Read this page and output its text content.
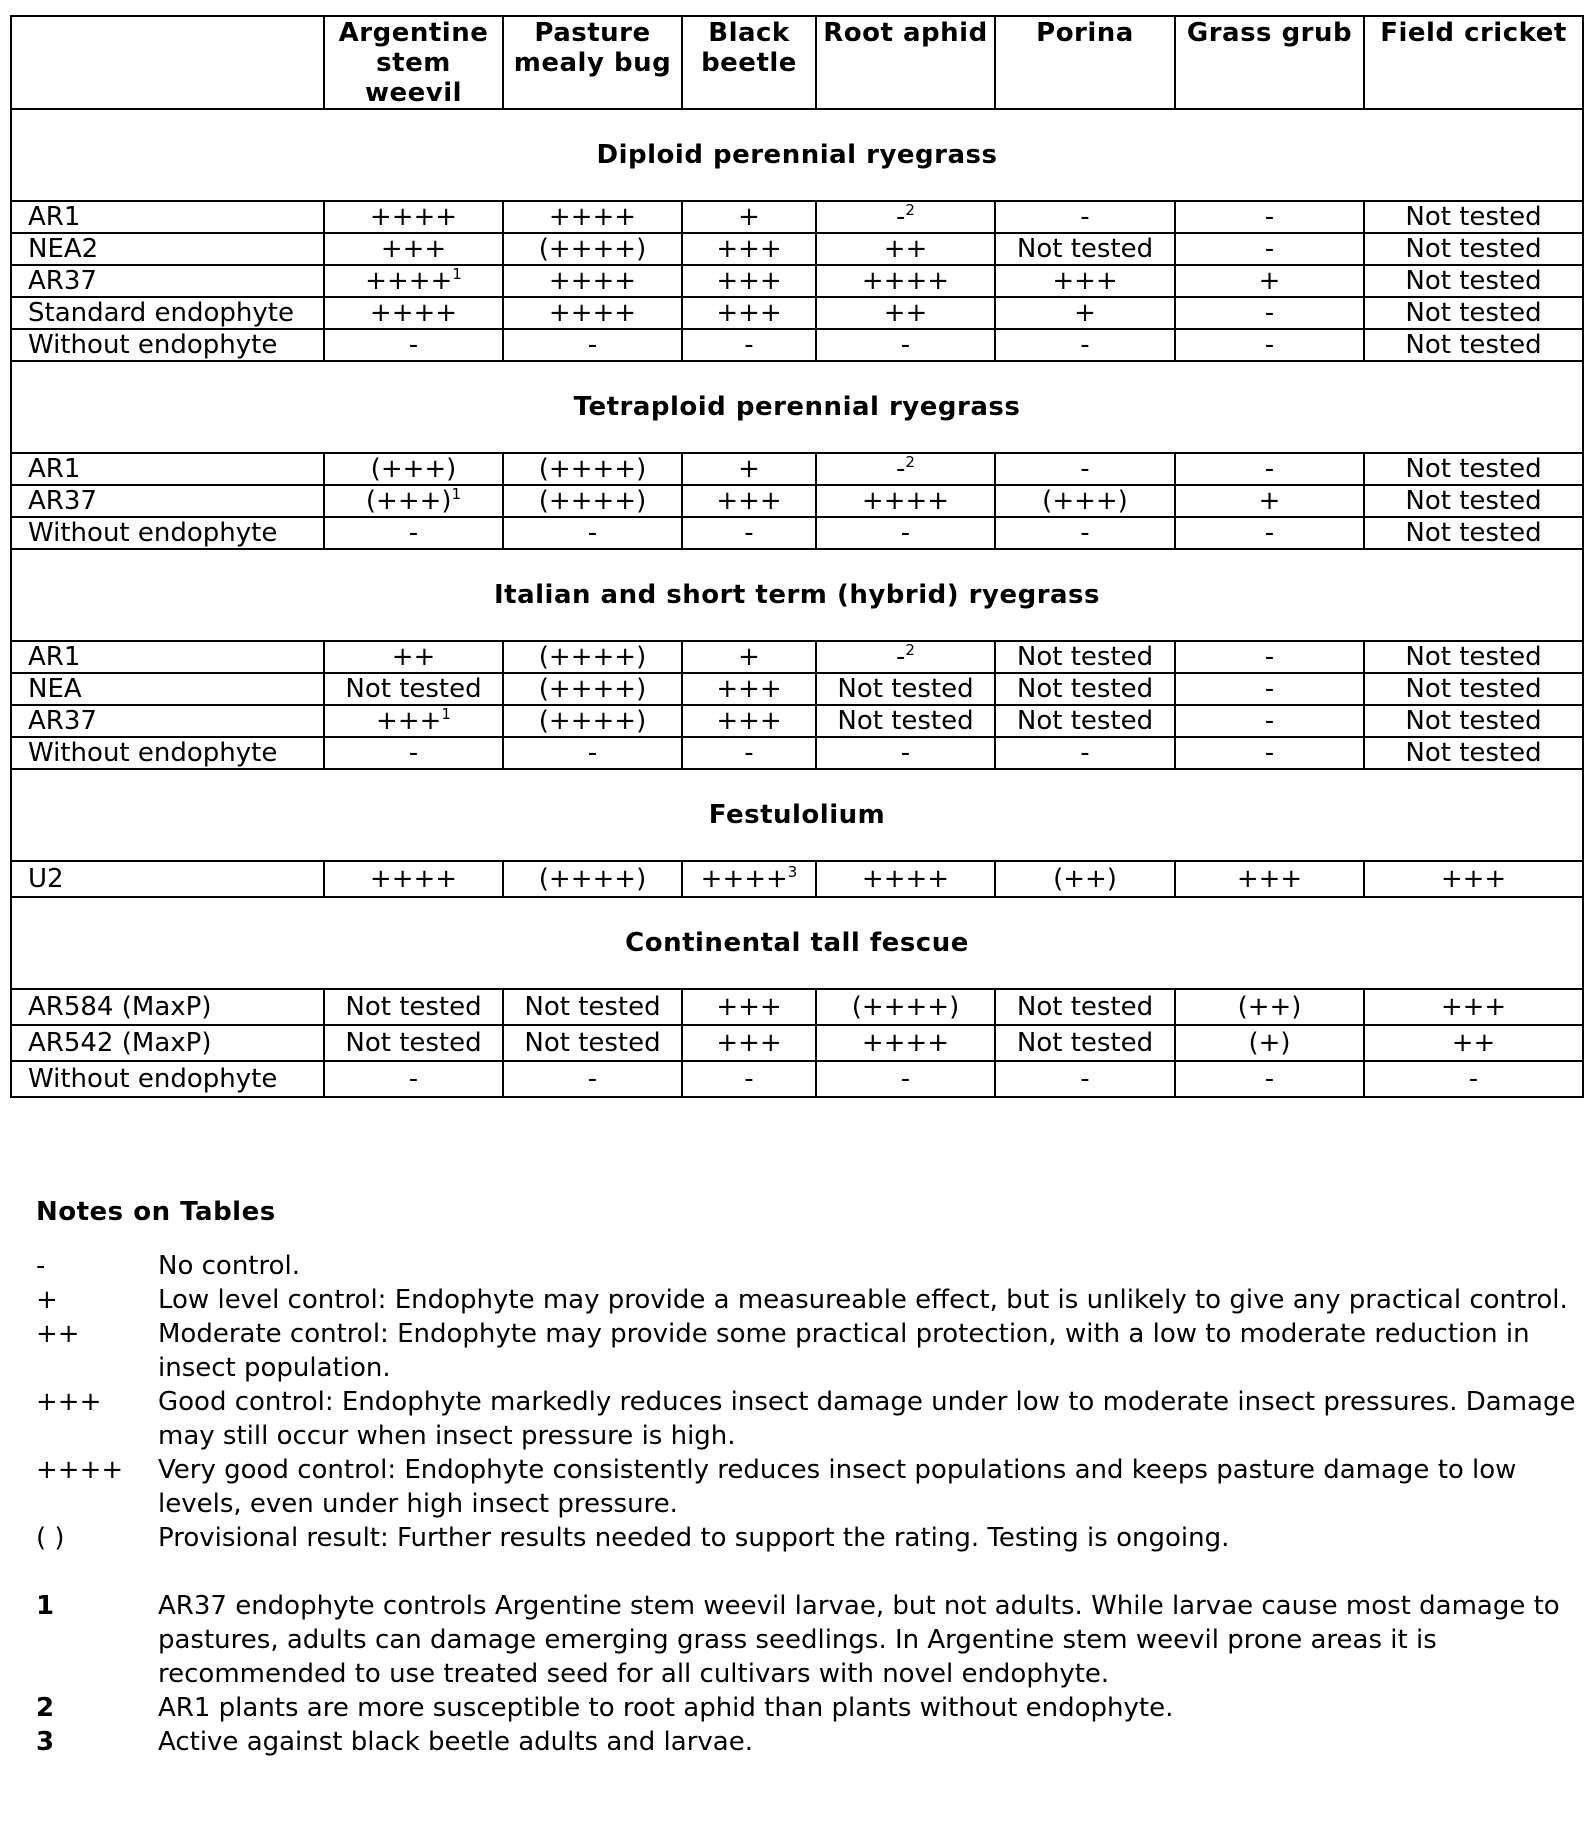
	Argentine stem weevil	Pasture mealy bug	Black beetle	Root aphid	Porina	Grass grub	Field cricket
Diploid perennial ryegrass							
AR1	++++	++++	+	-$^2$	-	-	Not tested
NEA2	+++	(++++)	+++	++	Not tested	-	Not tested
AR37	++++$^1$	++++	+++	++++	+++	+	Not tested
Standard endophyte	++++	++++	+++	++	+	-	Not tested
Without endophyte	-	-	-	-	-	-	Not tested
Tetraploid perennial ryegrass							
AR1	(+++)	(++++)	+	-$^2$	-	-	Not tested
AR37	$(+++)^1$	(++++)	+++	++++	(+++)	+	Not tested
Without endophyte	-	-	-	-	-	-	Not tested
Italian and short term (hybrid) ryegrass							
AR1	++	(++++)	+	-$^2$	Not tested	-	Not tested
NEA	Not tested	(++++)	+++	Not tested	Not tested	-	Not tested
AR37	+++$^1$	(++++)	+++	Not tested	Not tested	-	Not tested
Without endophyte	-	-	-	-	-	-	Not tested
Festulolium							
U2	++++	(++++)	++++$^3$	++++	(++)	+++	+++
Continental tall fescue							
AR584 (MaxP)	Not tested	Not tested	+++	(++++)	Not tested	(++)	+++
AR542 (MaxP)	Not tested	Not tested	+++	++++	Not tested	(+)	++
Without endophyte	-	-	-	-	-	-	-
Notes on Tables
-	No control.
+	Low level control: Endophyte may provide a measureable effect, but is unlikely to give any practical control.
++	Moderate control: Endophyte may provide some practical protection, with a low to moderate reduction in insect population.
+++	Good control: Endophyte markedly reduces insect damage under low to moderate insect pressures. Damage may still occur when insect pressure is high.
++++	Very good control: Endophyte consistently reduces insect populations and keeps pasture damage to low levels, even under high insect pressure.
( )	Provisional result: Further results needed to support the rating. Testing is ongoing.
1	AR37 endophyte controls Argentine stem weevil larvae, but not adults. While larvae cause most damage to pastures, adults can damage emerging grass seedlings. In Argentine stem weevil prone areas it is recommended to use treated seed for all cultivars with novel endophyte.
2	AR1 plants are more susceptible to root aphid than plants without endophyte.
3	Active against black beetle adults and larvae.
